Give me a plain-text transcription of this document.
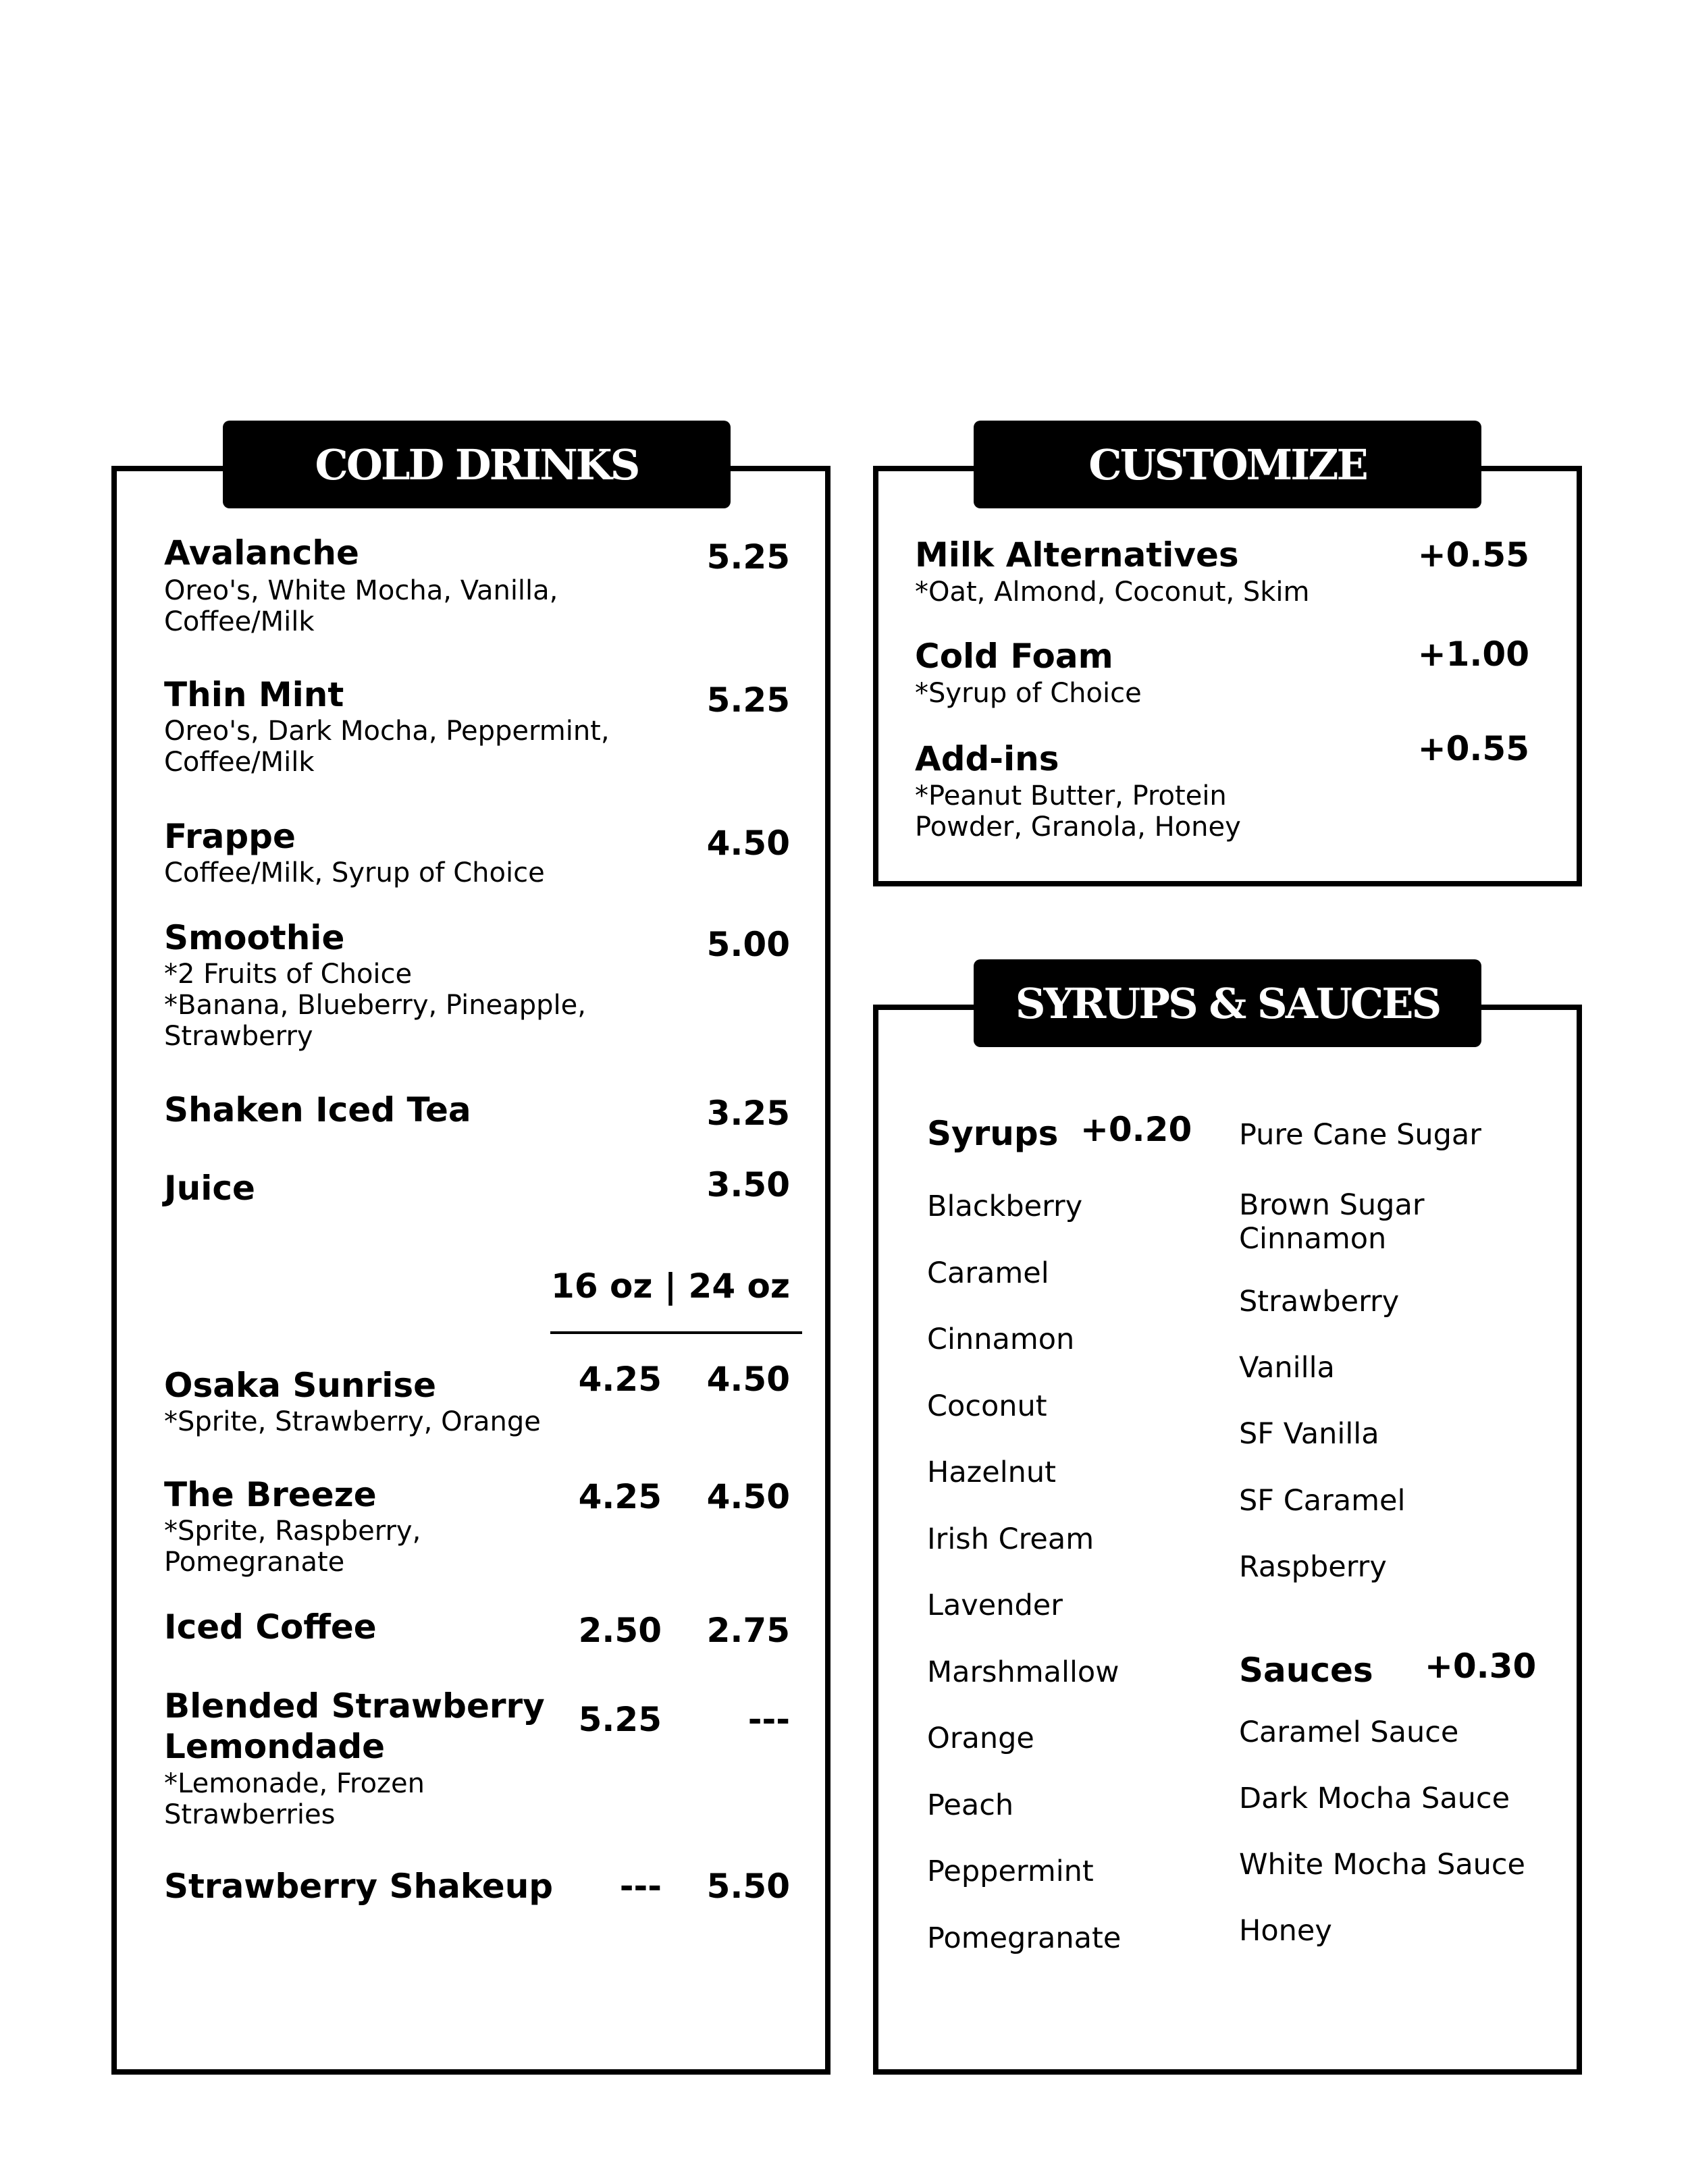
COLD DRINKS
Avalanche
Oreo's, White Mocha, Vanilla, Coffee/Milk
5.25
Thin Mint
Oreo's, Dark Mocha, Peppermint, Coffee/Milk
5.25
Frappe
Coffee/Milk, Syrup of Choice
4.50
Smoothie
*2 Fruits of Choice
*Banana, Blueberry, Pineapple, Strawberry
5.00
Shaken Iced Tea	3.25
Juice	3.50
16 oz | 24 oz
Osaka Sunrise
*Sprite, Strawberry, Orange
4.25	4.50
The Breeze
*Sprite, Raspberry, Pomegranate
4.25	4.50
Iced Coffee	2.50	2.75
Blended Strawberry
Lemondade
*Lemonade, Frozen Strawberries
5.25	---
Strawberry Shakeup	---	5.50
CUSTOMIZE
Milk Alternatives
*Oat, Almond, Coconut, Skim
+0.55
Cold Foam
*Syrup of Choice
+1.00
Add-ins
*Peanut Butter, Protein Powder, Granola, Honey
+0.55
SYRUPS & SAUCES
Syrups +0.20
Blackberry
Caramel
Cinnamon
Coconut
Hazelnut
Irish Cream
Lavender
Marshmallow
Orange
Peach
Peppermint
Pomegranate
Pure Cane Sugar
Brown Sugar Cinnamon
Strawberry
Vanilla
SF Vanilla
SF Caramel
Raspberry
Sauces +0.30
Caramel Sauce
Dark Mocha Sauce
White Mocha Sauce
Honey
